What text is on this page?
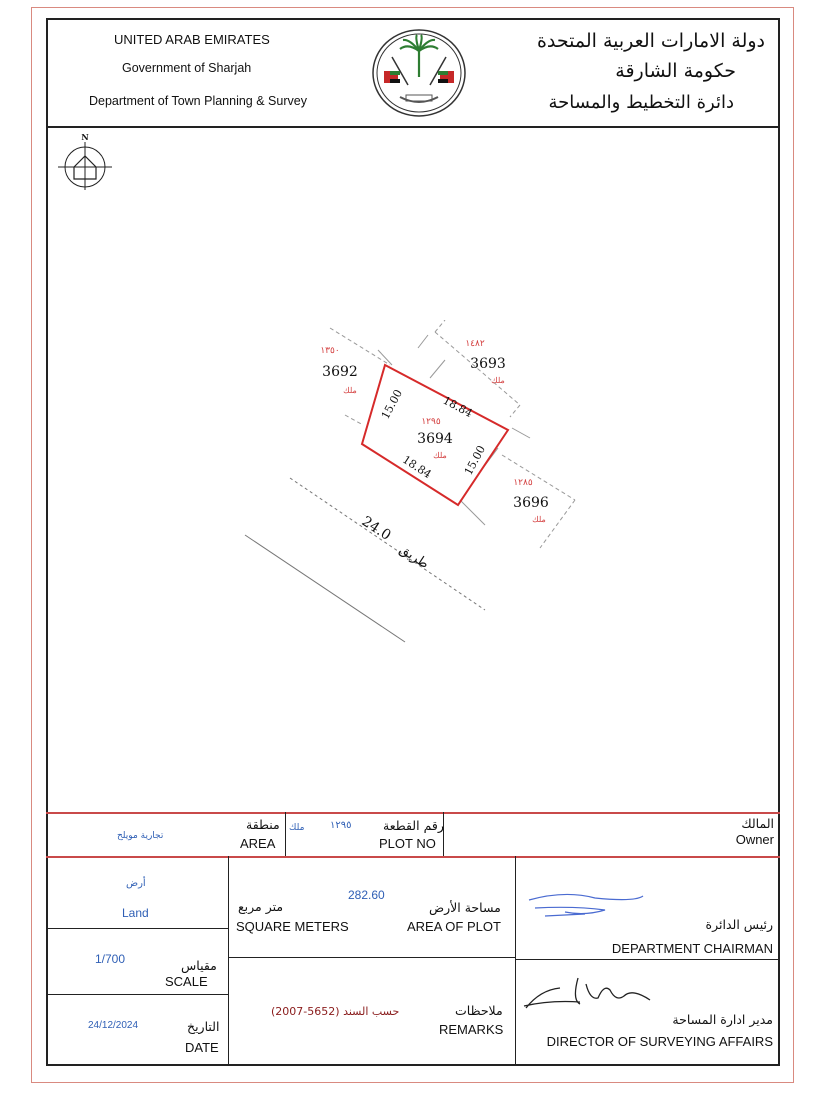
UNITED ARAB EMIRATES
Government of Sharjah
Department of Town Planning & Survey
دولة الامارات العربية المتحدة
حكومة الشارقة
دائرة التخطيط والمساحة
N
١٣٥٠
3692
ملك
١٤٨٢
3693
ملك
١٢٩٥
3694
ملك
١٢٨٥
3696
ملك
18.84
18.84
15.00
15.00
24.0
طريق
تجارية مويلح
منطقة
AREA
ملك	١٢٩٥	رقم القطعة
PLOT NO
المالك
Owner
أرض
Land
282.60
متر مربع
SQUARE METERS
مساحة الأرض
AREA OF PLOT	رئيس الدائرة
DEPARTMENT CHAIRMAN
1/700	مقياس
SCALE
24/12/2024	التاريخ
DATE
حسب السند (5652-2007)	ملاحظات
REMARKS
مدير ادارة المساحة
DIRECTOR OF SURVEYING AFFAIRS
